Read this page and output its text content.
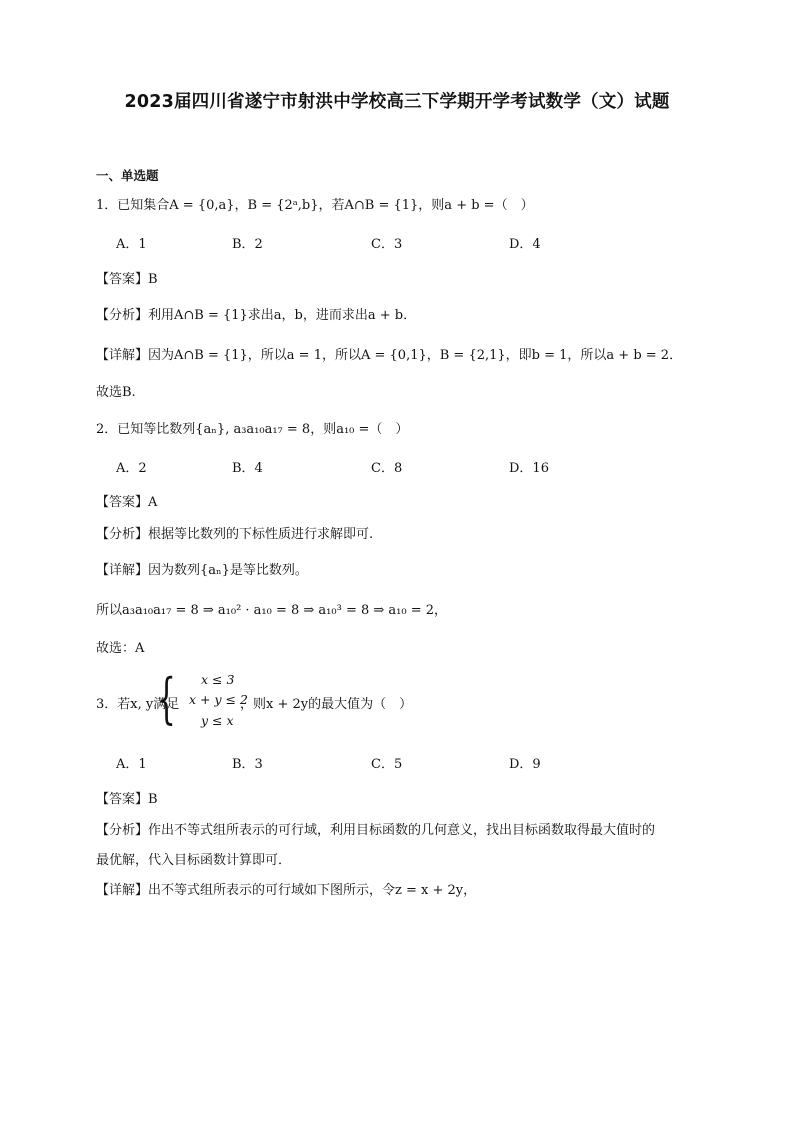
2023届四川省遂宁市射洪中学校高三下学期开学考试数学（文）试题
一、单选题
1．已知集合A = {0,a}，B = {2ᵃ,b}，若A∩B = {1}，则a + b =（　）
A．1	B．2	C．3	D．4
【答案】B
【分析】利用A∩B = {1}求出a，b，进而求出a + b．
【详解】因为A∩B = {1}，所以a = 1，所以A = {0,1}，B = {2,1}，即b = 1，所以a + b = 2．
故选B.
2．已知等比数列{aₙ}, a₃a₁₀a₁₇ = 8，则a₁₀ =（　）
A．2	B．4	C．8	D．16
【答案】A
【分析】根据等比数列的下标性质进行求解即可.
【详解】因为数列{aₙ}是等比数列。
所以a₃a₁₀a₁₇ = 8 ⇒ a₁₀² · a₁₀ = 8 ⇒ a₁₀³ = 8 ⇒ a₁₀ = 2，
故选：A
3．若x, y满足
{ x ≤ 3
x + y ≤ 2
y ≤ x
，则x + 2y的最大值为（　）
A．1	B．3	C．5	D．9
【答案】B
【分析】作出不等式组所表示的可行域，利用目标函数的几何意义，找出目标函数取得最大值时的
最优解，代入目标函数计算即可．
【详解】出不等式组所表示的可行域如下图所示，令z = x + 2y，
